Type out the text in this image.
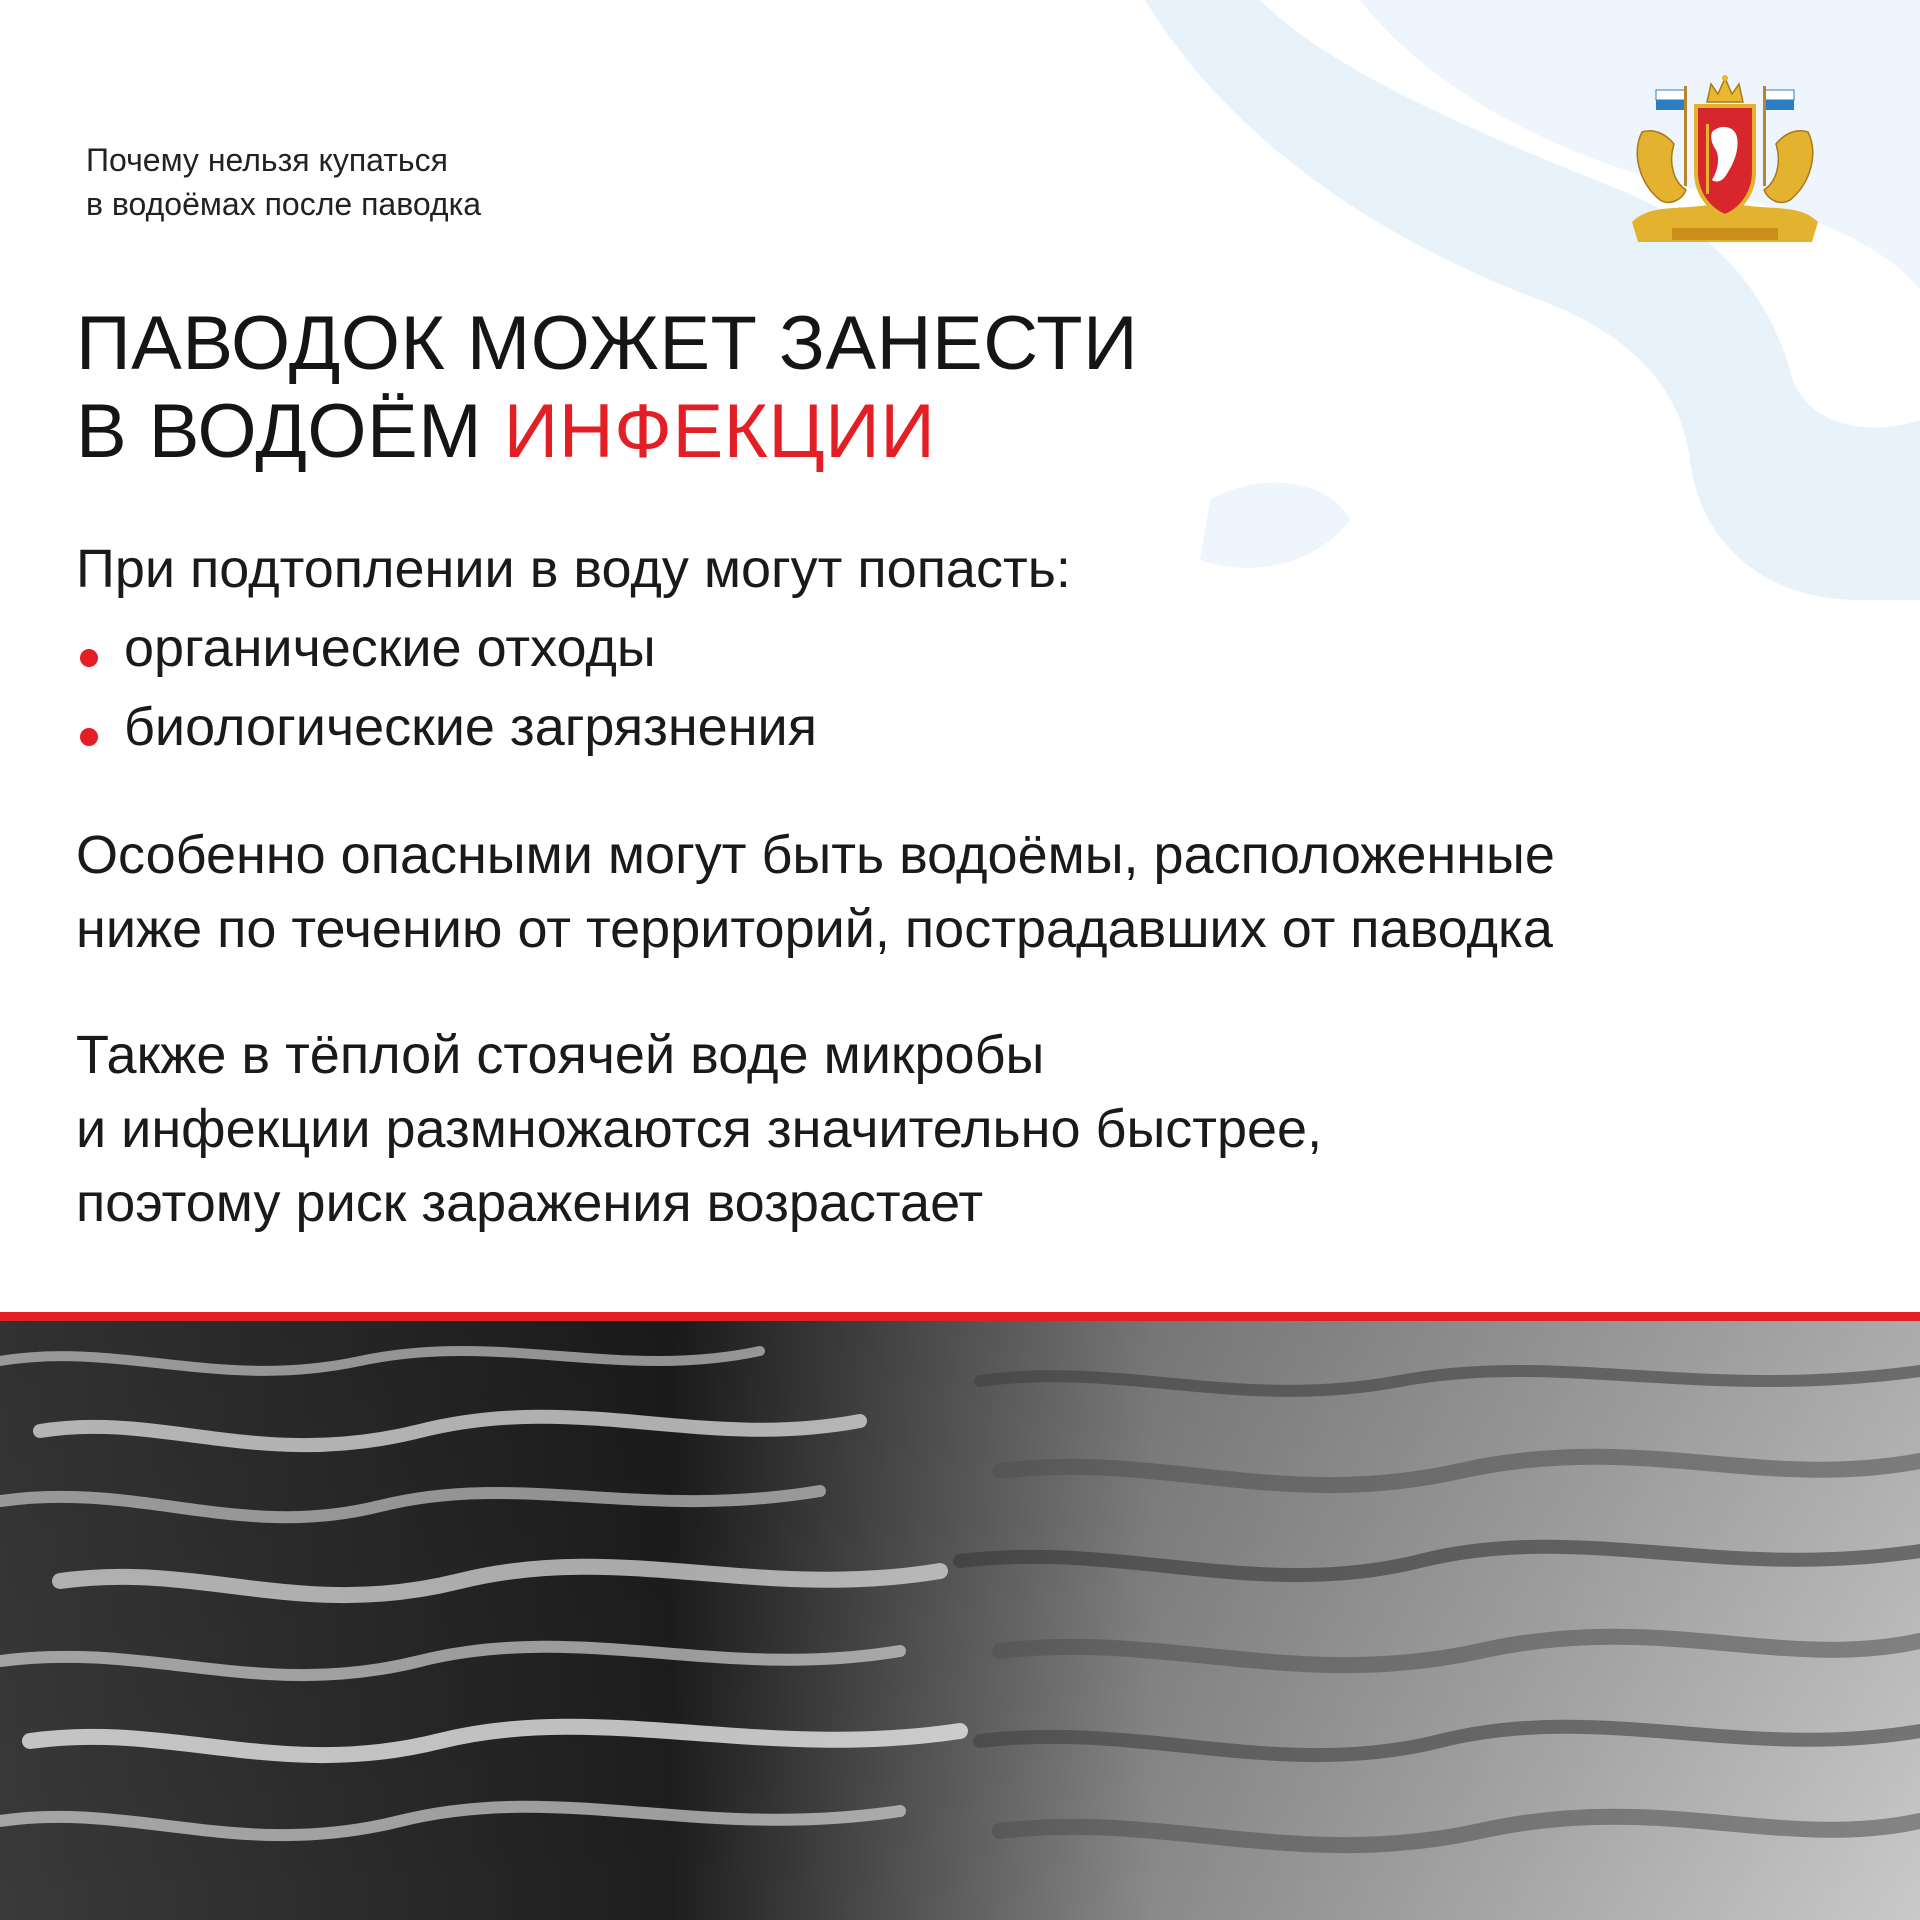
Почему нельзя купаться
в водоёмах после паводка
ПАВОДОК МОЖЕТ ЗАНЕСТИ
В ВОДОЁМ ИНФЕКЦИИ
При подтоплении в воду могут попасть:
органические отходы
биологические загрязнения
Особенно опасными могут быть водоёмы, расположенные
ниже по течению от территорий, пострадавших от паводка
Также в тёплой стоячей воде микробы
и инфекции размножаются значительно быстрее,
поэтому риск заражения возрастает
